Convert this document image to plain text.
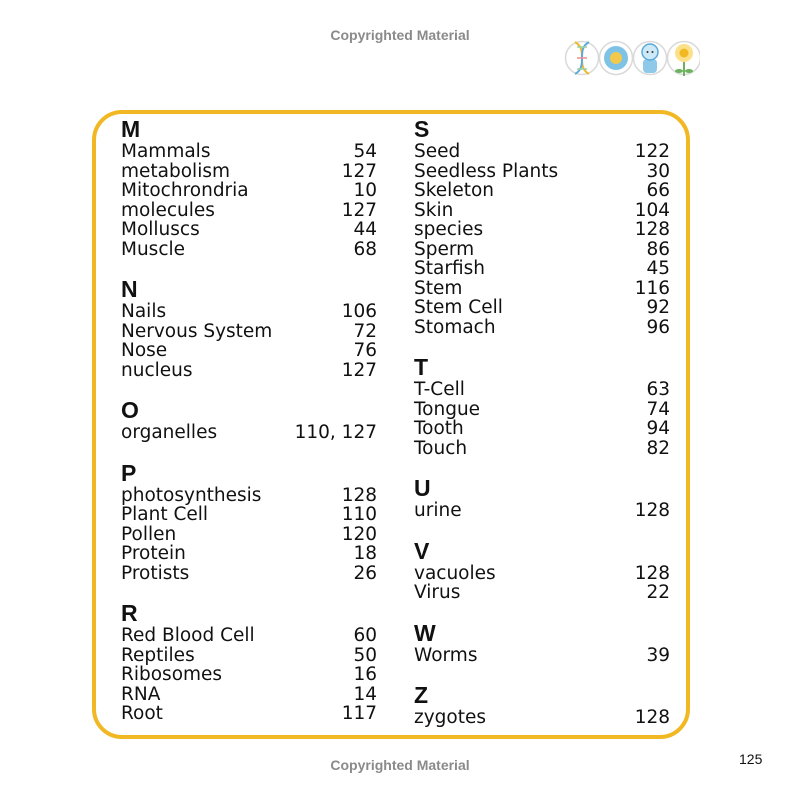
Copyrighted Material
M
Mammals	54
metabolism	127
Mitochrondria	10
molecules	127
Molluscs	44
Muscle	68
N
Nails	106
Nervous System	72
Nose	76
nucleus	127
O
organelles	110, 127
P
photosynthesis	128
Plant Cell	110
Pollen	120
Protein	18
Protists	26
R
Red Blood Cell	60
Reptiles	50
Ribosomes	16
RNA	14
Root	117
S
Seed	122
Seedless Plants	30
Skeleton	66
Skin	104
species	128
Sperm	86
Starfish	45
Stem	116
Stem Cell	92
Stomach	96
T
T-Cell	63
Tongue	74
Tooth	94
Touch	82
U
urine	128
V
vacuoles	128
Virus	22
W
Worms	39
Z
zygotes	128
Copyrighted Material	125
